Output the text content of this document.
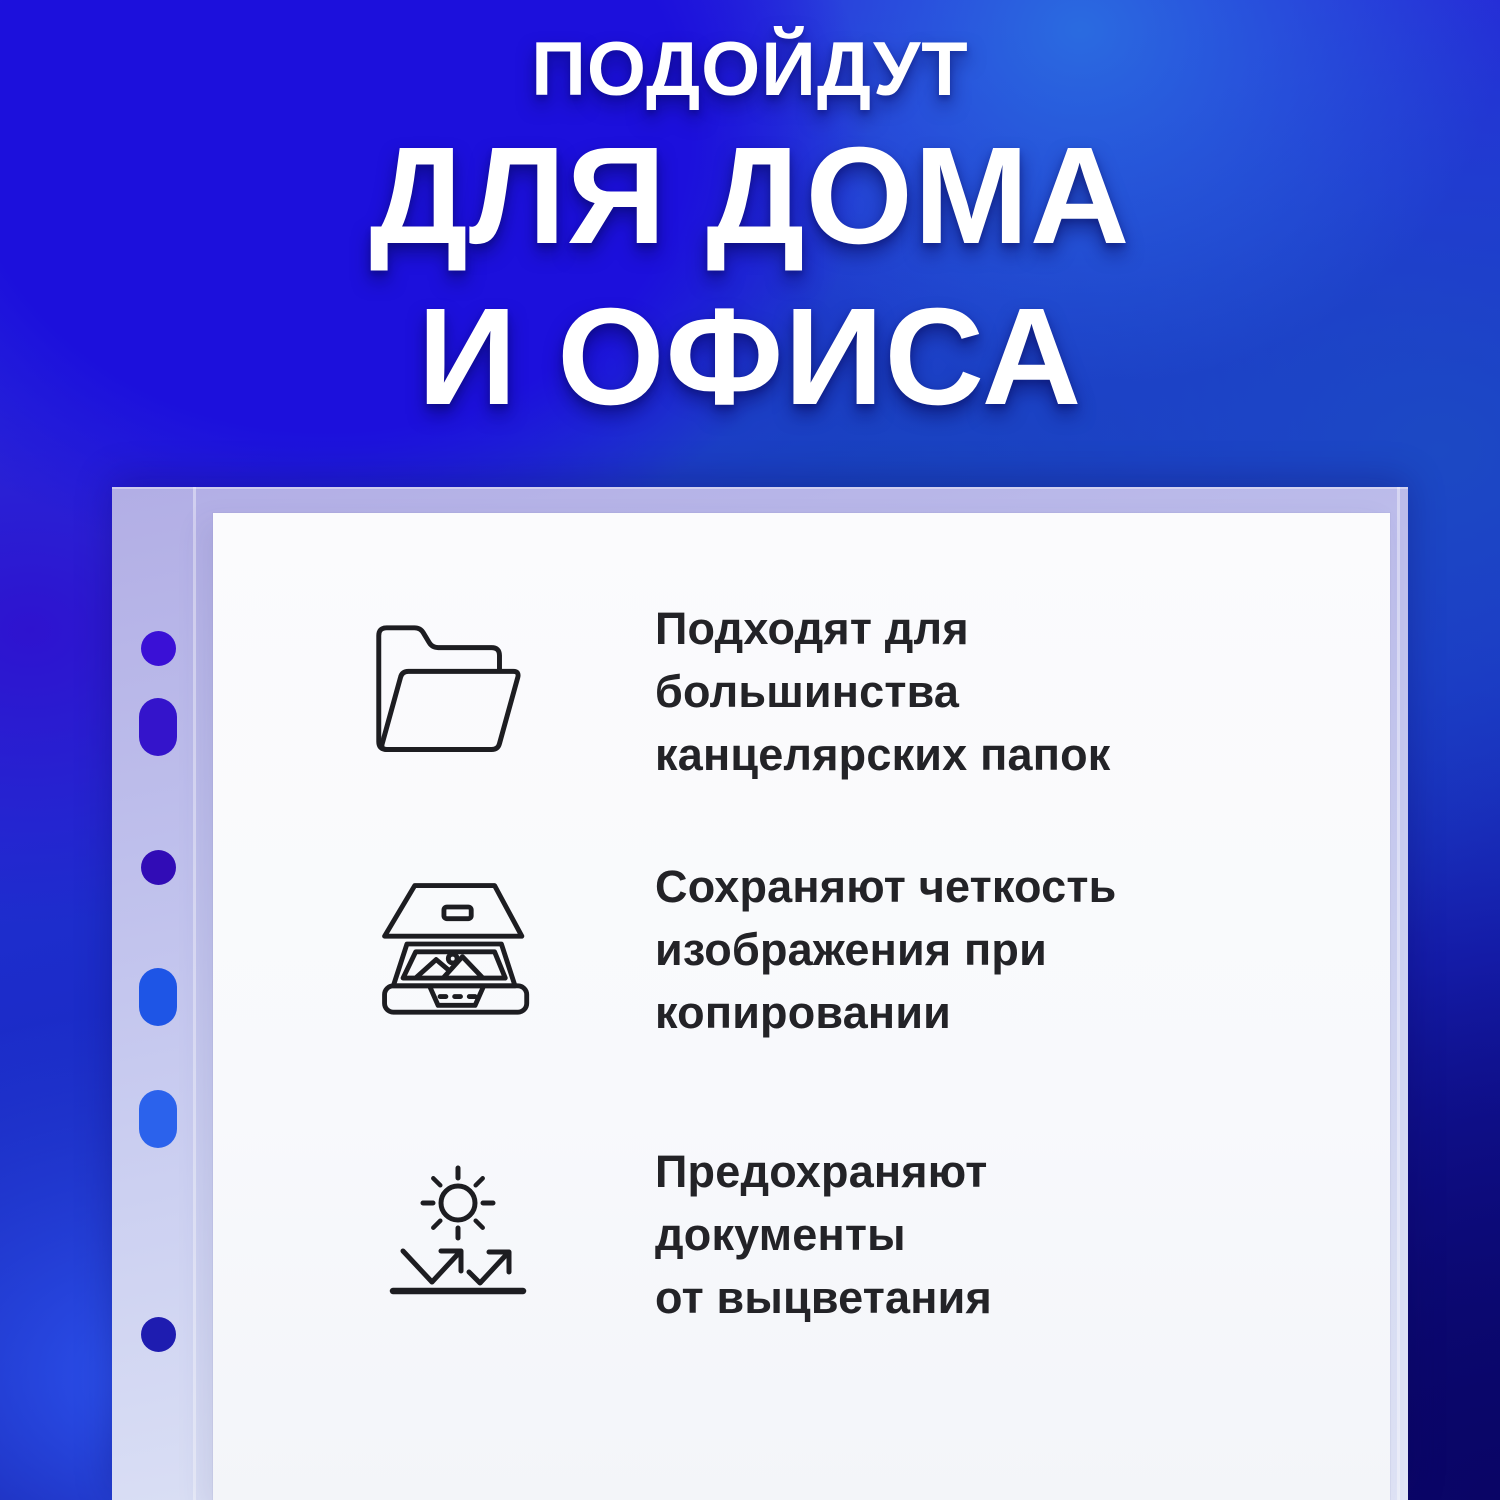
ПОДОЙДУТ
ДЛЯ ДОМА
И ОФИСА
Подходят для
большинства
канцелярских папок
Сохраняют четкость
изображения при
копировании
Предохраняют
документы
от выцветания
